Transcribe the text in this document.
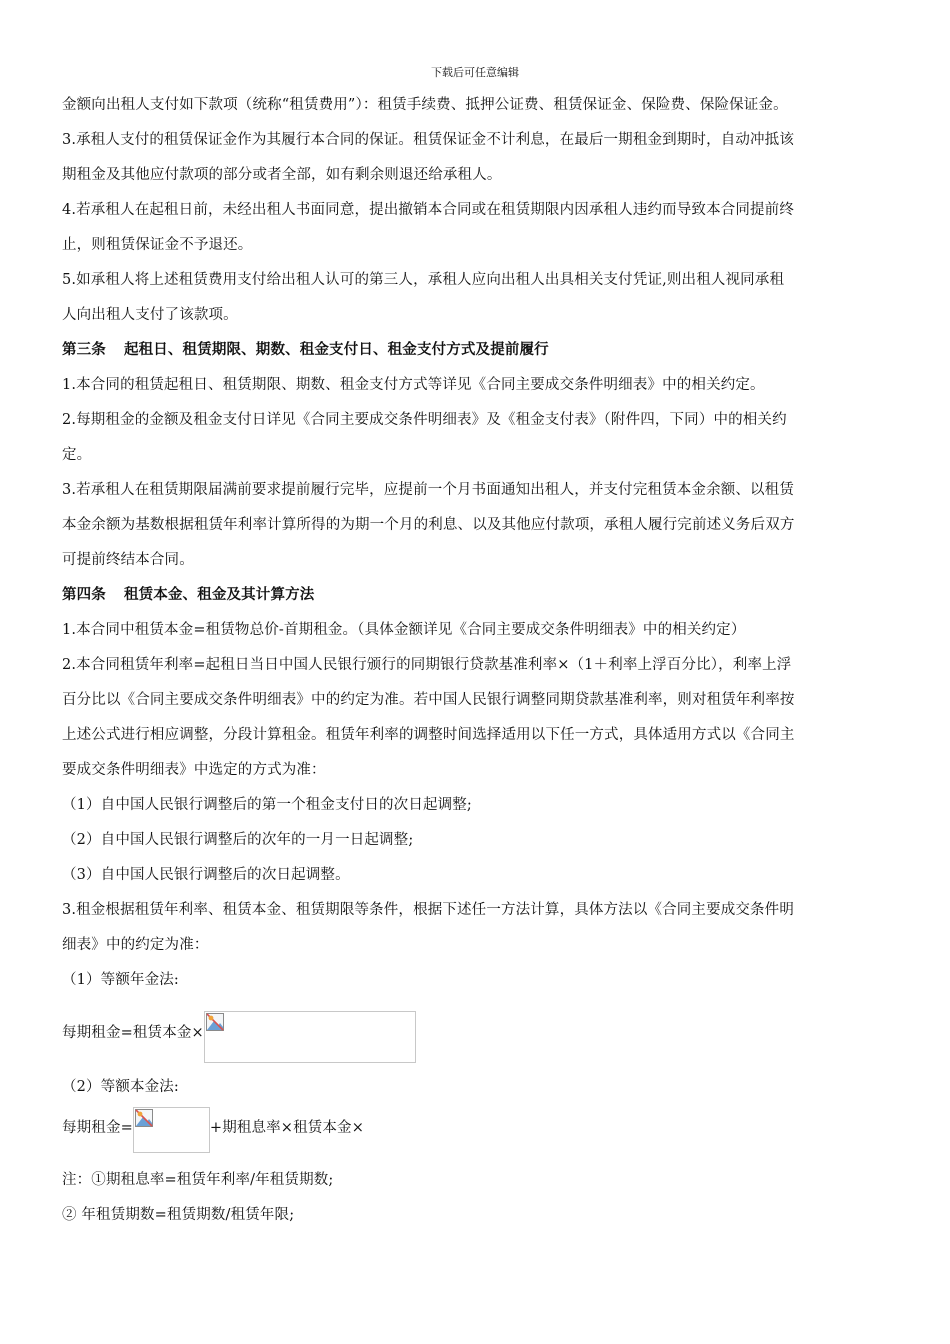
下载后可任意编辑

金额向出租人支付如下款项（统称“租赁费用”）：租赁手续费、抵押公证费、租赁保证金、保险费、保险保证金。

3.承租人支付的租赁保证金作为其履行本合同的保证。租赁保证金不计利息，在最后一期租金到期时，自动冲抵该

期租金及其他应付款项的部分或者全部，如有剩余则退还给承租人。

4.若承租人在起租日前，未经出租人书面同意，提出撤销本合同或在租赁期限内因承租人违约而导致本合同提前终

止，则租赁保证金不予退还。

5.如承租人将上述租赁费用支付给出租人认可的第三人，承租人应向出租人出具相关支付凭证,则出租人视同承租

人向出租人支付了该款项。

第三条 起租日、租赁期限、期数、租金支付日、租金支付方式及提前履行

1.本合同的租赁起租日、租赁期限、期数、租金支付方式等详见《合同主要成交条件明细表》中的相关约定。

2.每期租金的金额及租金支付日详见《合同主要成交条件明细表》及《租金支付表》（附件四，下同）中的相关约

定。

3.若承租人在租赁期限届满前要求提前履行完毕，应提前一个月书面通知出租人，并支付完租赁本金余额、以租赁

本金余额为基数根据租赁年利率计算所得的为期一个月的利息、以及其他应付款项，承租人履行完前述义务后双方

可提前终结本合同。

第四条 租赁本金、租金及其计算方法

1.本合同中租赁本金=租赁物总价-首期租金。（具体金额详见《合同主要成交条件明细表》中的相关约定）

2.本合同租赁年利率=起租日当日中国人民银行颁行的同期银行贷款基准利率×（1＋利率上浮百分比），利率上浮

百分比以《合同主要成交条件明细表》中的约定为准。若中国人民银行调整同期贷款基准利率，则对租赁年利率按

上述公式进行相应调整，分段计算租金。租赁年利率的调整时间选择适用以下任一方式，具体适用方式以《合同主

要成交条件明细表》中选定的方式为准：

（1）自中国人民银行调整后的第一个租金支付日的次日起调整;

（2）自中国人民银行调整后的次年的一月一日起调整;

（3）自中国人民银行调整后的次日起调整。

3.租金根据租赁年利率、租赁本金、租赁期限等条件，根据下述任一方法计算，具体方法以《合同主要成交条件明

细表》中的约定为准：

（1）等额年金法:

每期租金=租赁本金×

（2）等额本金法:

每期租金=	+期租息率×租赁本金×

注：①期租息率=租赁年利率/年租赁期数;

② 年租赁期数=租赁期数/租赁年限;
